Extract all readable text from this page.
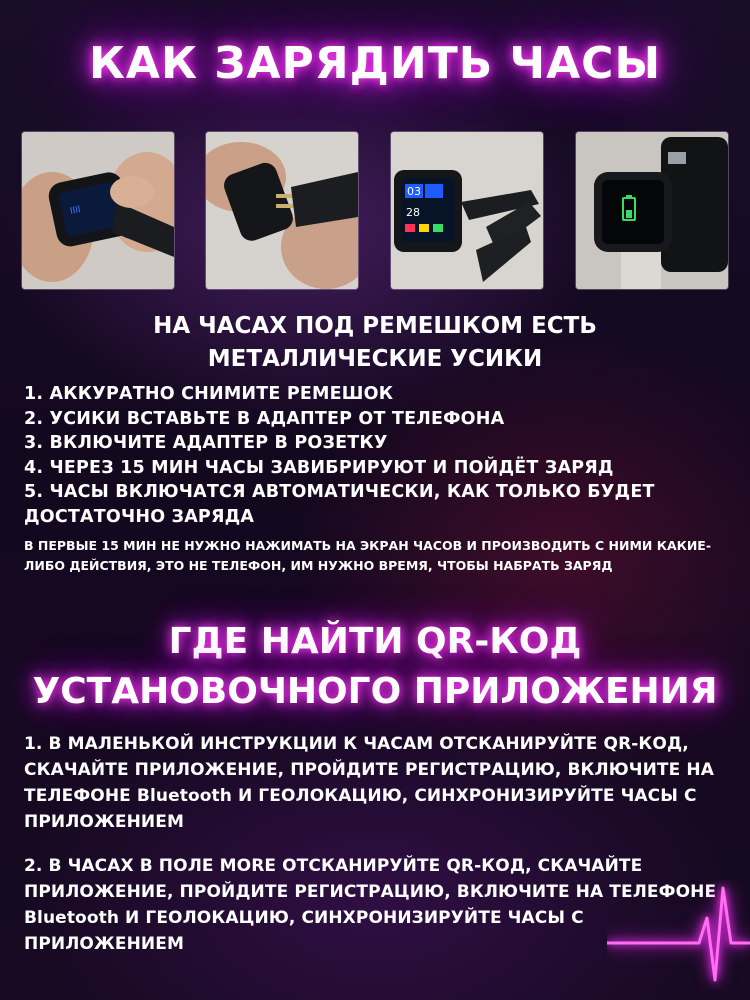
КАК ЗАРЯДИТЬ ЧАСЫ
IIII
03
28
НА ЧАСАХ ПОД РЕМЕШКОМ ЕСТЬ
МЕТАЛЛИЧЕСКИЕ УСИКИ
1. АККУРАТНО СНИМИТЕ РЕМЕШОК
2. УСИКИ ВСТАВЬТЕ В АДАПТЕР ОТ ТЕЛЕФОНА
3. ВКЛЮЧИТЕ АДАПТЕР В РОЗЕТКУ
4. ЧЕРЕЗ 15 МИН ЧАСЫ ЗАВИБРИРУЮТ И ПОЙДЁТ ЗАРЯД
5. ЧАСЫ ВКЛЮЧАТСЯ АВТОМАТИЧЕСКИ, КАК ТОЛЬКО БУДЕТ ДОСТАТОЧНО ЗАРЯДА
В ПЕРВЫЕ 15 МИН НЕ НУЖНО НАЖИМАТЬ НА ЭКРАН ЧАСОВ И ПРОИЗВОДИТЬ С НИМИ КАКИЕ-ЛИБО ДЕЙСТВИЯ, ЭТО НЕ ТЕЛЕФОН, ИМ НУЖНО ВРЕМЯ, ЧТОБЫ НАБРАТЬ ЗАРЯД
ГДЕ НАЙТИ QR-КОД
УСТАНОВОЧНОГО ПРИЛОЖЕНИЯ
1. В МАЛЕНЬКОЙ ИНСТРУКЦИИ К ЧАСАМ ОТСКАНИРУЙТЕ QR-КОД, СКАЧАЙТЕ ПРИЛОЖЕНИЕ, ПРОЙДИТЕ РЕГИСТРАЦИЮ, ВКЛЮЧИТЕ НА ТЕЛЕФОНЕ Bluetooth И ГЕОЛОКАЦИЮ, СИНХРОНИЗИРУЙТЕ ЧАСЫ С ПРИЛОЖЕНИЕМ
2. В ЧАСАХ В ПОЛЕ MORE ОТСКАНИРУЙТЕ QR-КОД, СКАЧАЙТЕ ПРИЛОЖЕНИЕ, ПРОЙДИТЕ РЕГИСТРАЦИЮ, ВКЛЮЧИТЕ НА ТЕЛЕФОНЕ Bluetooth И ГЕОЛОКАЦИЮ, СИНХРОНИЗИРУЙТЕ ЧАСЫ С ПРИЛОЖЕНИЕМ
